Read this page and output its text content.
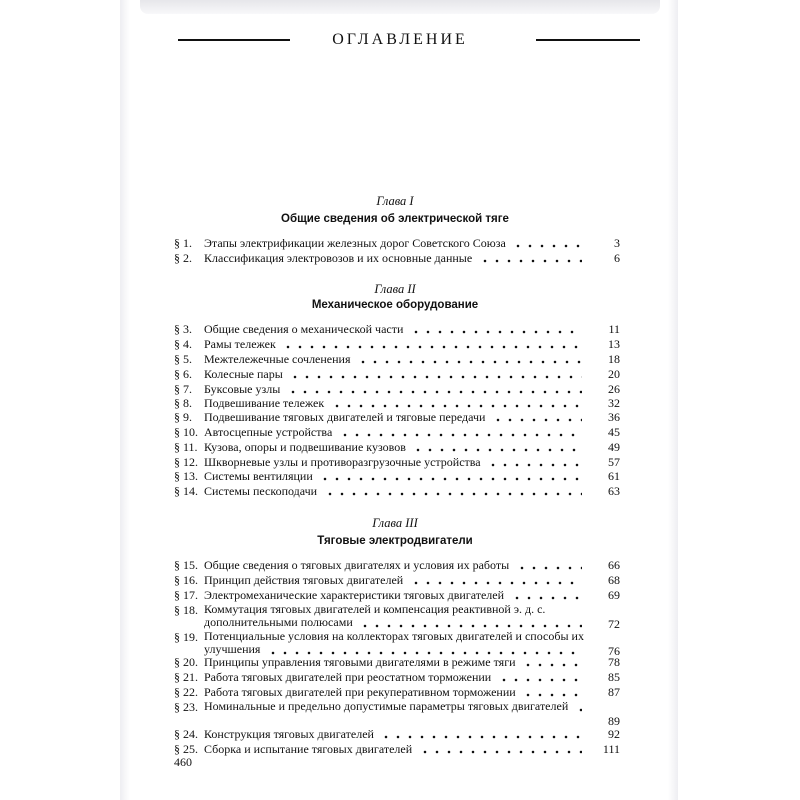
ОГЛАВЛЕНИЕ
Глава I
Общие сведения об электрической тяге
§ 1.	Этапы электрификации железных дорог Советского Союза	3
§ 2.	Классификация электровозов и их основные данные	6
Глава II
Механическое оборудование
§ 3.	Общие сведения о механической части	11
§ 4.	Рамы тележек	13
§ 5.	Межтележечные сочленения	18
§ 6.	Колесные пары	20
§ 7.	Буксовые узлы	26
§ 8.	Подвешивание тележек	32
§ 9.	Подвешивание тяговых двигателей и тяговые передачи	36
§ 10. Автосцепные устройства	45
§ 11. Кузова, опоры и подвешивание кузовов	49
§ 12. Шкворневые узлы и противоразгрузочные устройства	57
§ 13. Системы вентиляции	61
§ 14. Системы пескоподачи	63
Глава III
Тяговые электродвигатели
§ 15. Общие сведения о тяговых двигателях и условия их работы	66
§ 16. Принцип действия тяговых двигателей	68
§ 17. Электромеханические характеристики тяговых двигателей	69
§ 18. Коммутация тяговых двигателей и компенсация реактивной э. д. с. дополнительными полюсами	72
§ 19. Потенциальные условия на коллекторах тяговых двигателей и способы их улучшения	76
§ 20. Принципы управления тяговыми двигателями в режиме тяги	78
§ 21. Работа тяговых двигателей при реостатном торможении	85
§ 22. Работа тяговых двигателей при рекуперативном торможении	87
§ 23. Номинальные и предельно допустимые параметры тяговых двигателей
89
§ 24. Конструкция тяговых двигателей	92
§ 25. Сборка и испытание тяговых двигателей	111
460
